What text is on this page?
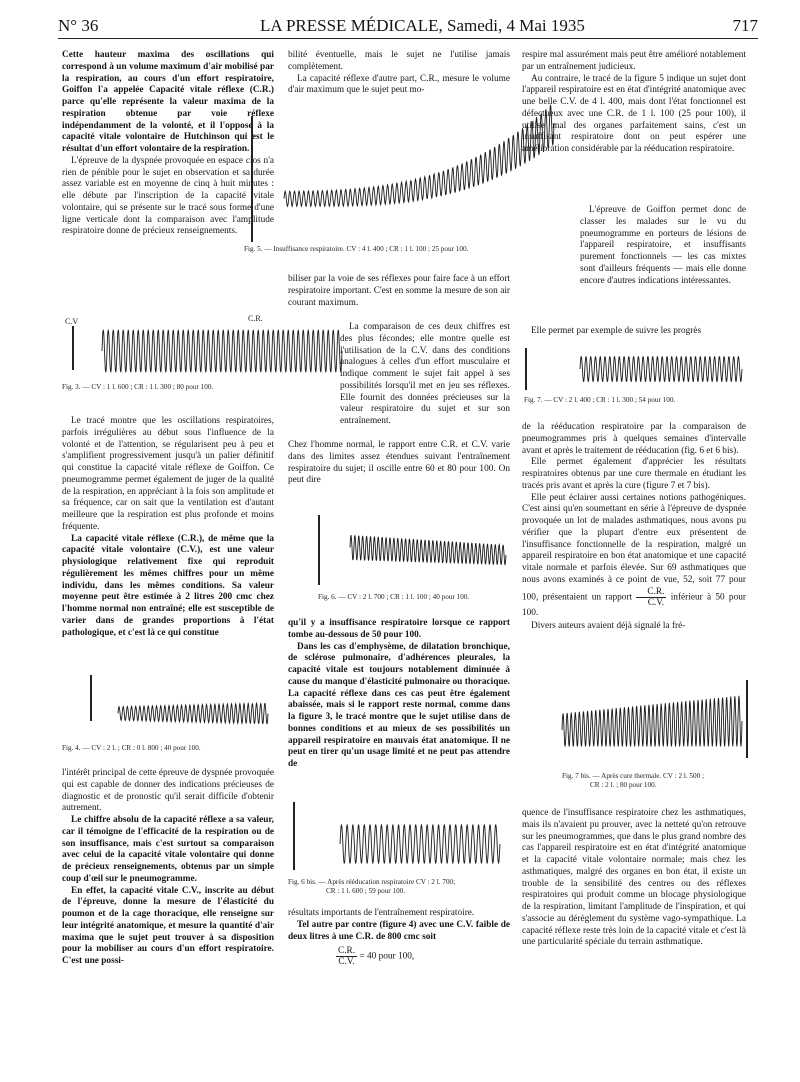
N° 36	LA PRESSE MÉDICALE, Samedi, 4 Mai 1935	717

Cette hauteur maxima des oscillations qui correspond à un volume maximum d'air mobilisé par la respiration, au cours d'un effort respiratoire, Goiffon l'a appelée Capacité vitale réflexe (C.R.) parce qu'elle représente la valeur maxima de la respiration obtenue par voie réflexe indépendamment de la volonté, et il l'oppose à la capacité vitale volontaire de Hutchinson qui est le résultat d'un effort volontaire de la respiration.

L'épreuve de la dyspnée provoquée en espace clos n'a rien de pénible pour le sujet en observation et sa durée assez variable est en moyenne de cinq à huit minutes : elle débute par l'inscription de la capacité vitale volontaire, qui se présente sur le tracé sous forme d'une ligne verticale dont la comparaison avec l'amplitude respiratoire donne de précieux renseignements.

C.V	C.R.
Fig. 3. — CV : 1 l. 600 ; CR : 1 l. 300 ; 80 pour 100.

Le tracé montre que les oscillations respiratoires, parfois irrégulières au début sous l'influence de la volonté et de l'attention, se régularisent peu à peu et s'amplifient progressivement jusqu'à un palier définitif qui constitue la capacité vitale réflexe de Goiffon. Ce pneumogramme permet également de juger de la qualité de la respiration, en appréciant à la fois son amplitude et sa fréquence, car on sait que la ventilation est d'autant meilleure que la respiration est plus profonde et moins fréquente.

La capacité vitale réflexe (C.R.), de même que la capacité vitale volontaire (C.V.), est une valeur physiologique relativement fixe qui reproduit régulièrement les mêmes chiffres pour un même individu, dans les mêmes conditions. Sa valeur moyenne peut être estimée à 2 litres 200 cmc chez l'homme normal non entraîné; elle est susceptible de varier dans de grandes proportions à l'état pathologique, et c'est là ce qui constitue

Fig. 4. — CV : 2 l. ; CR : 0 l. 800 ; 40 pour 100.

l'intérêt principal de cette épreuve de dyspnée provoquée qui est capable de donner des indications précieuses de diagnostic et de pronostic qu'il serait difficile d'obtenir autrement.

Le chiffre absolu de la capacité réflexe a sa valeur, car il témoigne de l'efficacité de la respiration ou de son insuffisance, mais c'est surtout sa comparaison avec celui de la capacité vitale volontaire qui donne de précieux renseignements, obtenus par un simple coup d'œil sur le pneumogramme.

En effet, la capacité vitale C.V., inscrite au début de l'épreuve, donne la mesure de l'élasticité du poumon et de la cage thoracique, elle renseigne sur leur intégrité anatomique, et mesure la quantité d'air maxima que le sujet peut trouver à sa disposition pour la mobiliser au cours d'un effort respiratoire. C'est une possi-

bilité éventuelle, mais le sujet ne l'utilise jamais complètement.

La capacité réflexe d'autre part, C.R., mesure le volume d'air maximum que le sujet peut mo-

Fig. 5. — Insuffisance respiratoire. CV : 4 l. 400 ; CR : 1 l. 100 ; 25 pour 100.

biliser par la voie de ses réflexes pour faire face à un effort respiratoire important. C'est en somme la mesure de son air courant maximum.

La comparaison de ces deux chiffres est des plus fécondes; elle montre quelle est l'utilisation de la C.V. dans des conditions analogues à celles d'un effort musculaire et indique comment le sujet fait appel à ses possibilités lorsqu'il met en jeu ses réflexes. Elle fournit des données précieuses sur la valeur respiratoire du sujet et sur son entraînement.

Chez l'homme normal, le rapport entre C.R. et C.V. varie dans des limites assez étendues suivant l'entraînement respiratoire du sujet; il oscille entre 60 et 80 pour 100. On peut dire

Fig. 6. — CV : 2 l. 700 ; CR : 1 l. 100 ; 40 pour 100.

qu'il y a insuffisance respiratoire lorsque ce rapport tombe au-dessous de 50 pour 100.

Dans les cas d'emphysème, de dilatation bronchique, de sclérose pulmonaire, d'adhérences pleurales, la capacité vitale est toujours notablement diminuée à cause du manque d'élasticité pulmonaire ou thoracique. La capacité réflexe dans ces cas peut être également abaissée, mais si le rapport reste normal, comme dans la figure 3, le tracé montre que le sujet utilise dans de bonnes conditions et au mieux de ses possibilités un appareil respiratoire en mauvais état anatomique. Il ne peut en tirer qu'un usage limité et ne peut pas attendre de

Fig. 6 bis. — Après rééducation respiratoire CV : 2 l. 700;
CR : 1 l. 600 ; 59 pour 100.

résultats importants de l'entraînement respiratoire.

Tel autre par contre (figure 4) avec une C.V. faible de deux litres à une C.R. de 800 cmc soit

$\frac{C.R.}{C.V.} = 40$ pour 100,

respire mal assurément mais peut être amélioré notablement par un entraînement judicieux.

Au contraire, le tracé de la figure 5 indique un sujet dont l'appareil respiratoire est en état d'intégrité anatomique avec une belle C.V. de 4 l. 400, mais dont l'état fonctionnel est défectueux avec une C.R. de 1 l. 100 (25 pour 100), il utilise mal des organes parfaitement sains, c'est un insuffisant respiratoire dont on peut espérer une amélioration considérable par la rééducation respiratoire.

L'épreuve de Goiffon permet donc de classer les malades sur le vu du pneumogramme en porteurs de lésions de l'appareil respiratoire, et insuffisants purement fonctionnels — les cas mixtes sont d'ailleurs fréquents — mais elle donne encore d'autres indications intéressantes.

Elle permet par exemple de suivre les progrès

Fig. 7. — CV : 2 l. 400 ; CR : 1 l. 300 ; 54 pour 100.

de la rééducation respiratoire par la comparaison de pneumogrammes pris à quelques semaines d'intervalle avant et après le traitement de rééducation (fig. 6 et 6 bis).

Elle permet également d'apprécier les résultats respiratoires obtenus par une cure thermale en étudiant les tracés pris avant et après la cure (figure 7 et 7 bis).

Elle peut éclairer aussi certaines notions pathogéniques. C'est ainsi qu'en soumettant en série à l'épreuve de dyspnée provoquée un lot de malades asthmatiques, nous avons pu vérifier que la plupart d'entre eux présentent de l'insuffisance fonctionnelle de la respiration, malgré un appareil respiratoire en bon état anatomique et une capacité vitale normale et parfois élevée. Sur 69 asthmatiques que nous avons examinés à ce point de vue, 52, soit 77 pour 100, présentaient un rapport $\frac{C.R.}{C.V.}$ inférieur à 50 pour 100.

Divers auteurs avaient déjà signalé la fré-

Fig. 7 bis. — Après cure thermale. CV : 2 l. 500 ;
CR : 2 l. ; 80 pour 100.

quence de l'insuffisance respiratoire chez les asthmatiques, mais ils n'avaient pu prouver, avec la netteté qu'on retrouve sur les pneumogrammes, que dans le plus grand nombre des cas l'appareil respiratoire est en état d'intégrité anatomique et la capacité vitale volontaire normale; mais chez les asthmatiques, malgré des organes en bon état, il existe un trouble de la sensibilité des centres ou des réflexes respiratoires qui produit comme un blocage physiologique de la respiration, limitant l'amplitude de l'inspiration, et qui s'associe au dérèglement du système vago-sympathique. La capacité réflexe reste très loin de la capacité vitale et c'est là une particularité spéciale du terrain asthmatique.
